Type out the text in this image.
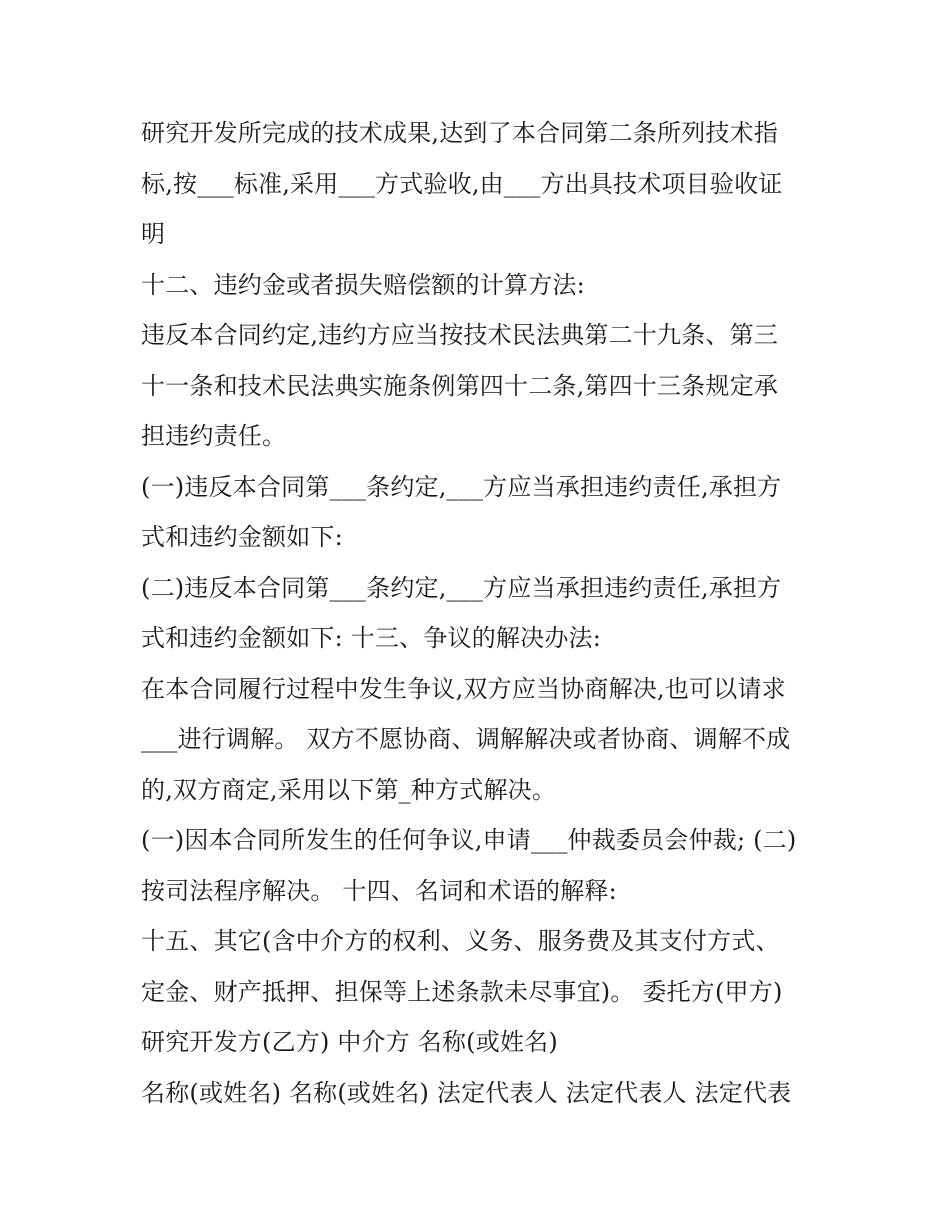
研究开发所完成的技术成果,达到了本合同第二条所列技术指
标,按___标准,采用___方式验收,由___方出具技术项目验收证
明
十二、违约金或者损失赔偿额的计算方法:
违反本合同约定,违约方应当按技术民法典第二十九条、第三
十一条和技术民法典实施条例第四十二条,第四十三条规定承
担违约责任。
(一)违反本合同第___条约定,___方应当承担违约责任,承担方
式和违约金额如下:
(二)违反本合同第___条约定,___方应当承担违约责任,承担方
式和违约金额如下: 十三、争议的解决办法:
在本合同履行过程中发生争议,双方应当协商解决,也可以请求
___进行调解。 双方不愿协商、调解解决或者协商、调解不成
的,双方商定,采用以下第_种方式解决。
(一)因本合同所发生的任何争议,申请___仲裁委员会仲裁; (二)
按司法程序解决。 十四、名词和术语的解释:
十五、其它(含中介方的权利、义务、服务费及其支付方式、
定金、财产抵押、担保等上述条款未尽事宜)。 委托方(甲方)
研究开发方(乙方) 中介方 名称(或姓名)
名称(或姓名) 名称(或姓名) 法定代表人 法定代表人 法定代表
